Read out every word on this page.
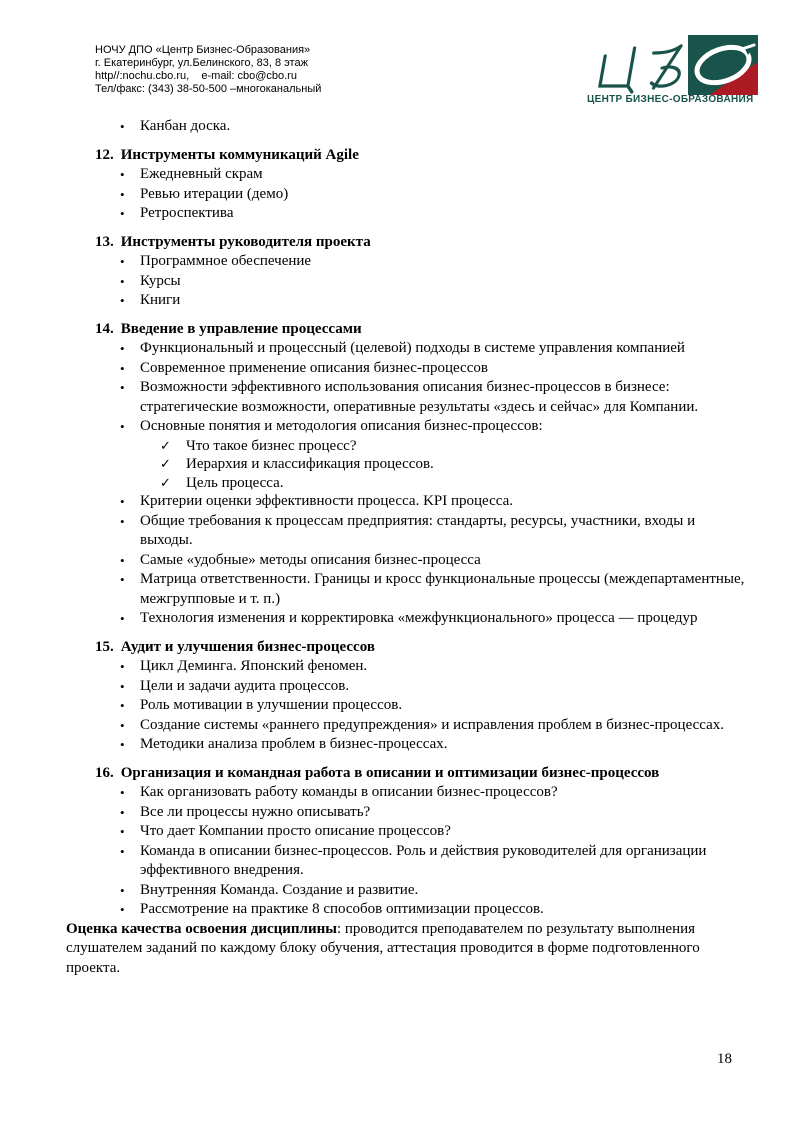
НОЧУ ДПО «Центр Бизнес-Образования»
г. Екатеринбург, ул.Белинского, 83, 8 этаж
http//:nochu.cbo.ru,    e-mail: cbo@cbo.ru
Тел/факс: (343) 38-50-500 –многоканальный
ЦЕНТР БИЗНЕС-ОБРАЗОВАНИЯ
• Канбан доска.
12. Инструменты коммуникаций Agile
• Ежедневный скрам
• Ревью итерации (демо)
• Ретроспектива
13. Инструменты руководителя проекта
• Программное обеспечение
• Курсы
• Книги
14. Введение в управление процессами
• Функциональный и процессный (целевой) подходы в системе управления компанией
• Современное применение описания бизнес-процессов
• Возможности эффективного использования описания бизнес-процессов в бизнесе: стратегические возможности, оперативные результаты «здесь и сейчас» для Компании.
• Основные понятия и методология описания бизнес-процессов:
✓ Что такое бизнес процесс?
✓ Иерархия и классификация процессов.
✓ Цель процесса.
• Критерии оценки эффективности процесса. KPI процесса.
• Общие требования к процессам предприятия: стандарты, ресурсы, участники, входы и выходы.
• Самые «удобные» методы описания бизнес-процесса
• Матрица ответственности. Границы и кросс функциональные процессы (междепартаментные, межгрупповые и т. п.)
• Технология изменения и корректировка «межфункционального» процесса — процедур
15. Аудит и улучшения бизнес-процессов
• Цикл Деминга. Японский феномен.
• Цели и задачи аудита процессов.
• Роль мотивации в улучшении процессов.
• Создание системы «раннего предупреждения» и исправления проблем в бизнес-процессах.
• Методики анализа проблем в бизнес-процессах.
16. Организация и командная работа в описании и оптимизации бизнес-процессов
• Как организовать работу команды в описании бизнес-процессов?
• Все ли процессы нужно описывать?
• Что дает Компании просто описание процессов?
• Команда в описании бизнес-процессов. Роль и действия руководителей для организации эффективного внедрения.
• Внутренняя Команда. Создание и развитие.
• Рассмотрение на практике 8 способов оптимизации процессов.

Оценка качества освоения дисциплины: проводится преподавателем по результату выполнения слушателем заданий по каждому блоку обучения, аттестация проводится в форме подготовленного проекта.

18
